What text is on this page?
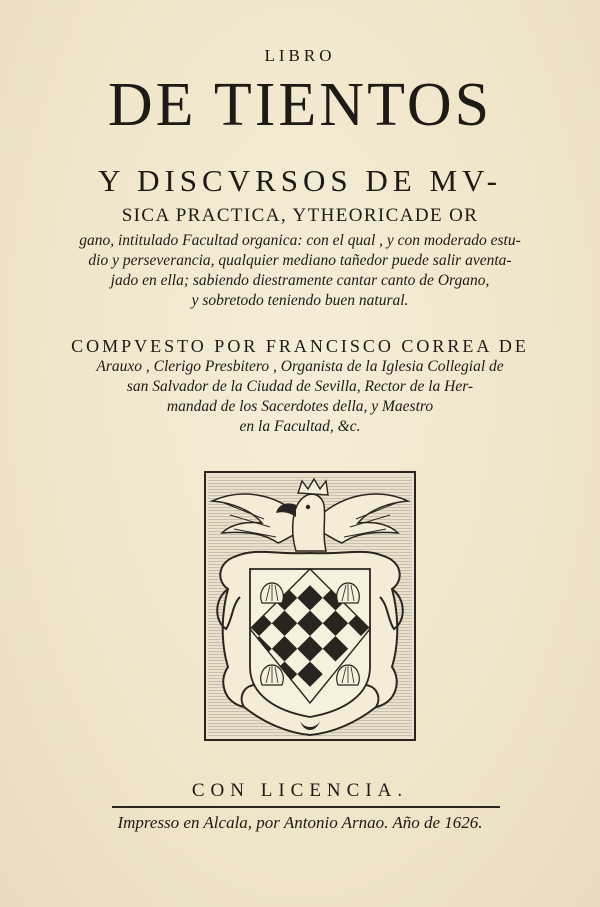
LIBRO
DE TIENTOS
Y DISCVRSOS DE MV-
SICA PRACTICA, YTHEORICADE OR
gano, intitulado Facultad organica: con el qual , y con moderado estu-
dio y perseverancia, qualquier mediano tañedor puede salir aventa-
jado en ella; sabiendo diestramente cantar canto de Organo,
y sobretodo teniendo buen natural.
COMPVESTO POR FRANCISCO CORREA DE
Arauxo , Clerigo Presbitero , Organista de la Iglesia Collegial de
san Salvador de la Ciudad de Sevilla, Rector de la Her-
mandad de los Sacerdotes della, y Maestro
en la Facultad, &c.
CON LICENCIA.
Impresso en Alcala, por Antonio Arnao. Año de 1626.
